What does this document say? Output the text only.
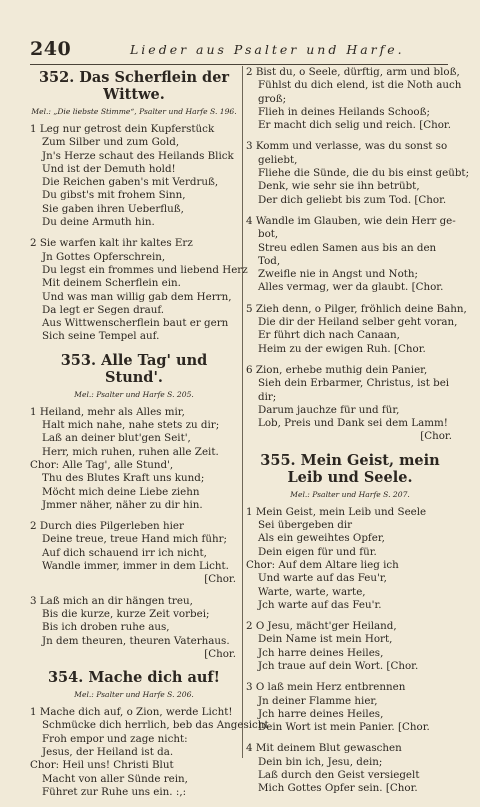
240	Lieder aus Psalter und Harfe.
352. Das Scherflein der Wittwe.
Mel.: „Die liebste Stimme“, Psalter und Harfe S. 196.
1 Leg nur getrost dein Kupferstück
Zum Silber und zum Gold,
Jn's Herze schaut des Heilands Blick
Und ist der Demuth hold!
Die Reichen gaben's mit Verdruß,
Du gibst's mit frohem Sinn,
Sie gaben ihren Ueberfluß,
Du deine Armuth hin.
2 Sie warfen kalt ihr kaltes Erz
Jn Gottes Opferschrein,
Du legst ein frommes und liebend Herz
Mit deinem Scherflein ein.
Und was man willig gab dem Herrn,
Da legt er Segen drauf.
Aus Wittwenscherflein baut er gern
Sich seine Tempel auf.
353. Alle Tag' und Stund'.
Mel.: Psalter und Harfe S. 205.
1 Heiland, mehr als Alles mir,
Halt mich nahe, nahe stets zu dir;
Laß an deiner blut'gen Seit',
Herr, mich ruhen, ruhen alle Zeit.
Chor: Alle Tag', alle Stund',
Thu des Blutes Kraft uns kund;
Möcht mich deine Liebe ziehn
Jmmer näher, näher zu dir hin.
2 Durch dies Pilgerleben hier
Deine treue, treue Hand mich führ;
Auf dich schauend irr ich nicht,
Wandle immer, immer in dem Licht.
[Chor.
3 Laß mich an dir hängen treu,
Bis die kurze, kurze Zeit vorbei;
Bis ich droben ruhe aus,
Jn dem theuren, theuren Vaterhaus.
[Chor.
354. Mache dich auf!
Mel.: Psalter und Harfe S. 206.
1 Mache dich auf, o Zion, werde Licht!
Schmücke dich herrlich, beb das Angesicht
Froh empor und zage nicht:
Jesus, der Heiland ist da.
Chor: Heil uns! Christi Blut
Macht von aller Sünde rein,
Führet zur Ruhe uns ein. :,:
2 Bist du, o Seele, dürftig, arm und bloß,
Fühlst du dich elend, ist die Noth auch
groß;
Flieh in deines Heilands Schooß;
Er macht dich selig und reich. [Chor.
3 Komm und verlasse, was du sonst so
geliebt,
Fliehe die Sünde, die du bis einst geübt;
Denk, wie sehr sie ihn betrübt,
Der dich geliebt bis zum Tod. [Chor.
4 Wandle im Glauben, wie dein Herr ge-
bot,
Streu edlen Samen aus bis an den
Tod,
Zweifle nie in Angst und Noth;
Alles vermag, wer da glaubt. [Chor.
5 Zieh denn, o Pilger, fröhlich deine Bahn,
Die dir der Heiland selber geht voran,
Er führt dich nach Canaan,
Heim zu der ewigen Ruh. [Chor.
6 Zion, erhebe muthig dein Panier,
Sieh dein Erbarmer, Christus, ist bei
dir;
Darum jauchze für und für,
Lob, Preis und Dank sei dem Lamm!
[Chor.
355. Mein Geist, mein Leib und Seele.
Mel.: Psalter und Harfe S. 207.
1 Mein Geist, mein Leib und Seele
Sei übergeben dir
Als ein geweihtes Opfer,
Dein eigen für und für.
Chor: Auf dem Altare lieg ich
Und warte auf das Feu'r,
Warte, warte, warte,
Jch warte auf das Feu'r.
2 O Jesu, mächt'ger Heiland,
Dein Name ist mein Hort,
Jch harre deines Heiles,
Jch traue auf dein Wort. [Chor.
3 O laß mein Herz entbrennen
Jn deiner Flamme hier,
Jch harre deines Heiles,
Dein Wort ist mein Panier. [Chor.
4 Mit deinem Blut gewaschen
Dein bin ich, Jesu, dein;
Laß durch den Geist versiegelt
Mich Gottes Opfer sein. [Chor.
